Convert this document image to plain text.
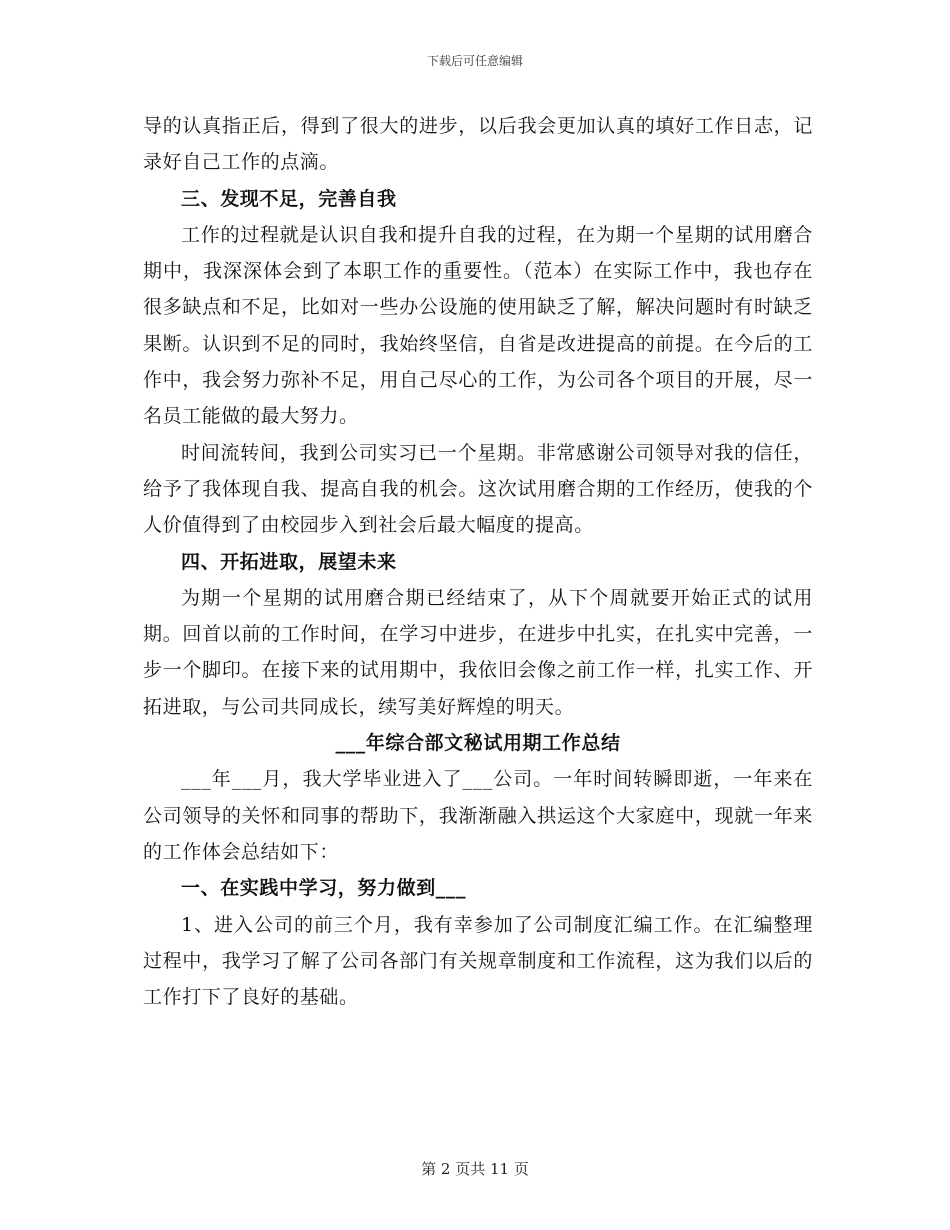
下载后可任意编辑

导的认真指正后，得到了很大的进步，以后我会更加认真的填好工作日志，记录好自己工作的点滴。

三、发现不足，完善自我

工作的过程就是认识自我和提升自我的过程，在为期一个星期的试用磨合期中，我深深体会到了本职工作的重要性。（范本）在实际工作中，我也存在很多缺点和不足，比如对一些办公设施的使用缺乏了解，解决问题时有时缺乏果断。认识到不足的同时，我始终坚信，自省是改进提高的前提。在今后的工作中，我会努力弥补不足，用自己尽心的工作，为公司各个项目的开展，尽一名员工能做的最大努力。

时间流转间，我到公司实习已一个星期。非常感谢公司领导对我的信任，给予了我体现自我、提高自我的机会。这次试用磨合期的工作经历，使我的个人价值得到了由校园步入到社会后最大幅度的提高。

四、开拓进取，展望未来

为期一个星期的试用磨合期已经结束了，从下个周就要开始正式的试用期。回首以前的工作时间，在学习中进步，在进步中扎实，在扎实中完善，一步一个脚印。在接下来的试用期中，我依旧会像之前工作一样，扎实工作、开拓进取，与公司共同成长，续写美好辉煌的明天。

___年综合部文秘试用期工作总结

___年___月，我大学毕业进入了___公司。一年时间转瞬即逝，一年来在公司领导的关怀和同事的帮助下，我渐渐融入拱运这个大家庭中，现就一年来的工作体会总结如下：

一、在实践中学习，努力做到___

1、进入公司的前三个月，我有幸参加了公司制度汇编工作。在汇编整理过程中，我学习了解了公司各部门有关规章制度和工作流程，这为我们以后的工作打下了良好的基础。

第 2 页共 11 页
